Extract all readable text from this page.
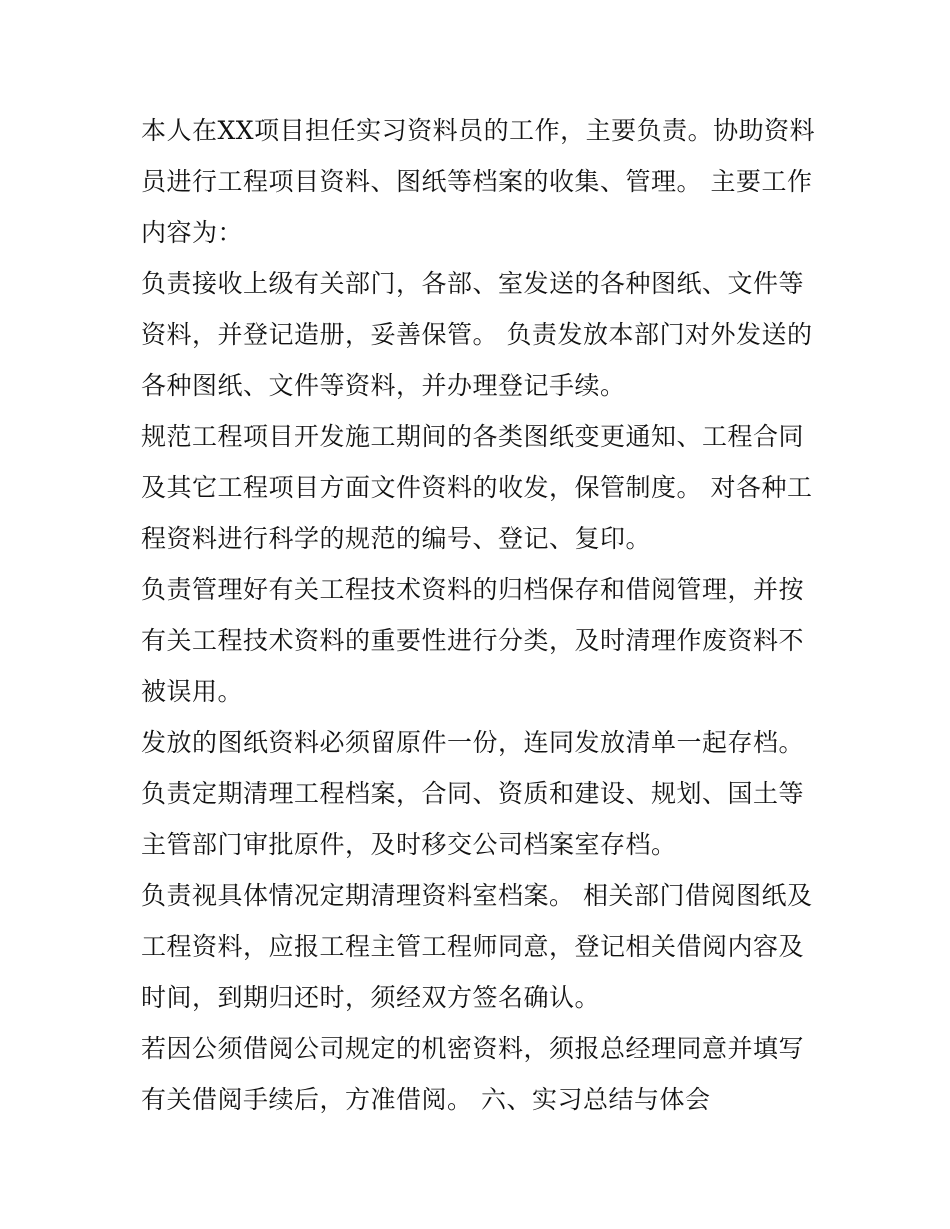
本人在XX项目担任实习资料员的工作，主要负责。协助资料员进行工程项目资料、图纸等档案的收集、管理。 主要工作内容为：

负责接收上级有关部门，各部、室发送的各种图纸、文件等资料，并登记造册，妥善保管。 负责发放本部门对外发送的各种图纸、文件等资料，并办理登记手续。

规范工程项目开发施工期间的各类图纸变更通知、工程合同及其它工程项目方面文件资料的收发，保管制度。 对各种工程资料进行科学的规范的编号、登记、复印。

负责管理好有关工程技术资料的归档保存和借阅管理，并按有关工程技术资料的重要性进行分类，及时清理作废资料不被误用。

发放的图纸资料必须留原件一份，连同发放清单一起存档。

负责定期清理工程档案，合同、资质和建设、规划、国土等主管部门审批原件，及时移交公司档案室存档。

负责视具体情况定期清理资料室档案。 相关部门借阅图纸及工程资料，应报工程主管工程师同意，登记相关借阅内容及时间，到期归还时，须经双方签名确认。

若因公须借阅公司规定的机密资料，须报总经理同意并填写有关借阅手续后，方准借阅。 六、实习总结与体会
